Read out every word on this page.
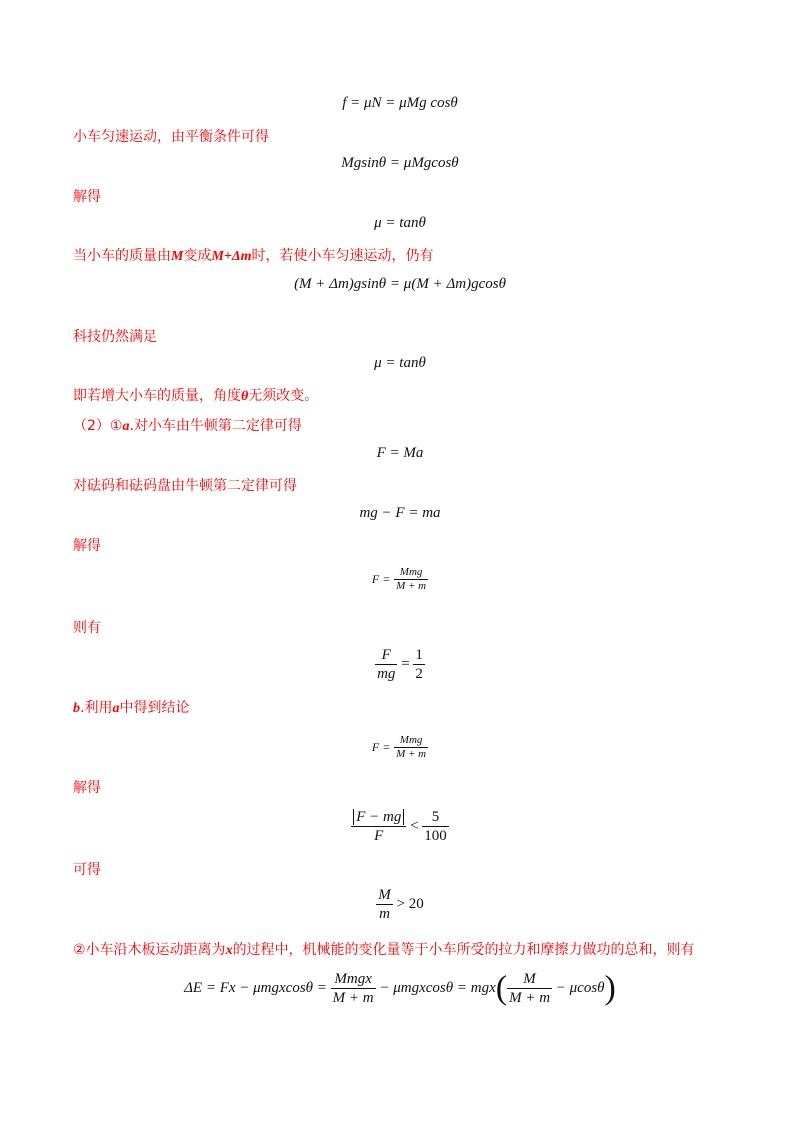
f = μN = μMg cosθ
小车匀速运动，由平衡条件可得
Mgsinθ = μMgcosθ
解得
μ = tanθ
当小车的质量由M变成M+Δm时，若使小车匀速运动，仍有
(M + Δm)gsinθ = μ(M + Δm)gcosθ
科技仍然满足
μ = tanθ
即若增大小车的质量，角度θ无须改变。
（2）①a.对小车由牛顿第二定律可得
F = Ma
对砝码和砝码盘由牛顿第二定律可得
mg − F = ma
解得
F = Mmg
M + m
则有
$\frac{F}{mg} = \frac{1}{2}$
b.利用a中得到结论
F = Mmg
M + m
解得
$\frac{F - mg}{F} < \frac{5}{100}$
可得
$\frac{M}{m} > 20$
②小车沿木板运动距离为x的过程中，机械能的变化量等于小车所受的拉力和摩擦力做功的总和，则有
ΔE = Fx − μmgxcosθ =
Mmgx
M + m
− $\mu mgxcos\theta = mgx( \frac{M}{M + m} - \mu\cos\theta)$
